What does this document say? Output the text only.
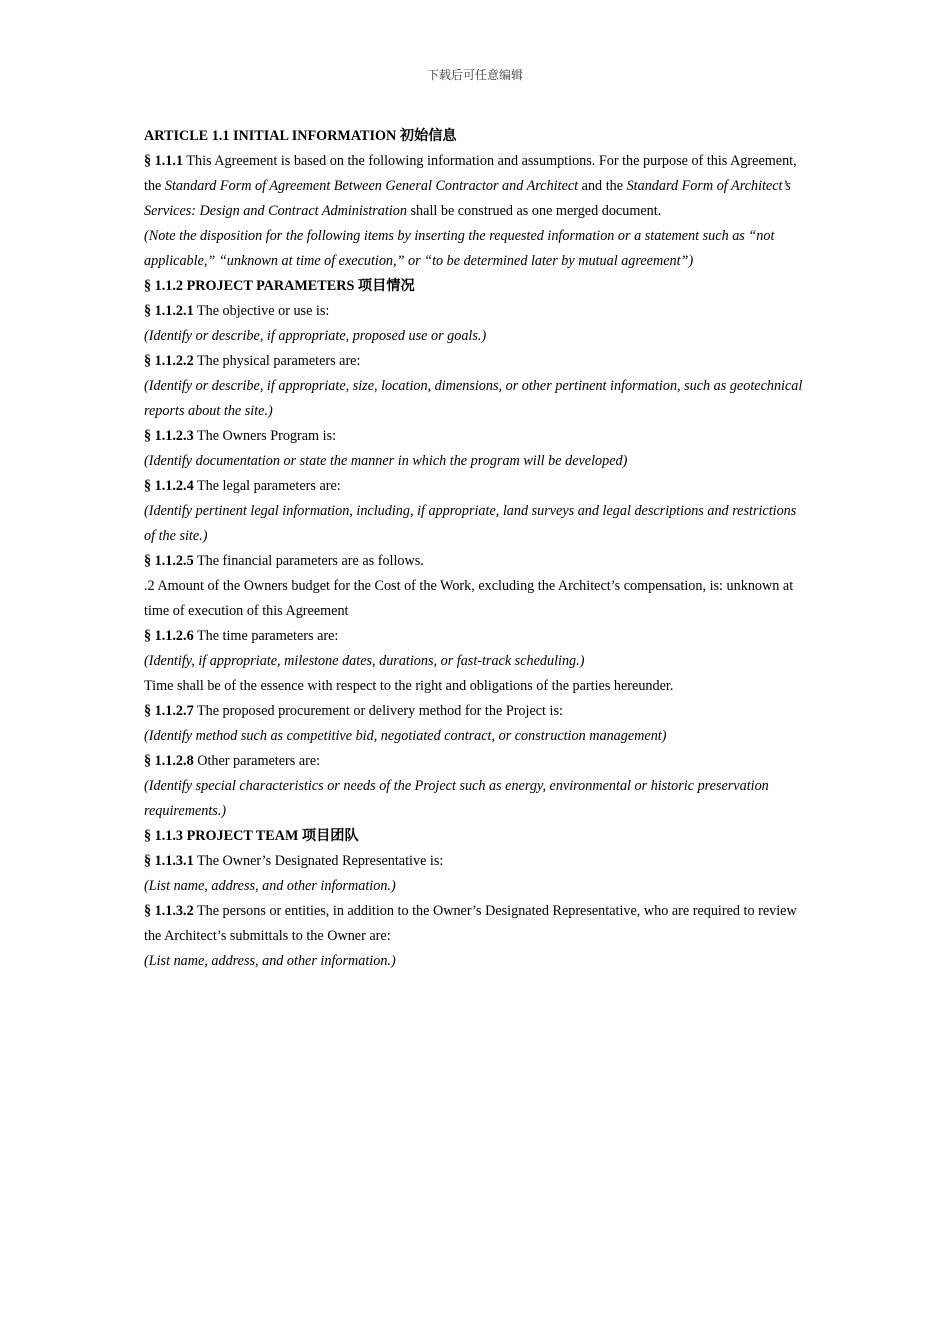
下载后可任意编辑

ARTICLE 1.1 INITIAL INFORMATION 初始信息

§ 1.1.1 This Agreement is based on the following information and assumptions. For the purpose of this Agreement, the Standard Form of Agreement Between General Contractor and Architect and the Standard Form of Architect’s Services: Design and Contract Administration shall be construed as one merged document.

(Note the disposition for the following items by inserting the requested information or a statement such as “not applicable,” “unknown at time of execution,” or “to be determined later by mutual agreement”)

§ 1.1.2 PROJECT PARAMETERS 项目情况

§ 1.1.2.1 The objective or use is:

(Identify or describe, if appropriate, proposed use or goals.)

§ 1.1.2.2 The physical parameters are:

(Identify or describe, if appropriate, size, location, dimensions, or other pertinent information, such as geotechnical reports about the site.)

§ 1.1.2.3 The Owners Program is:

(Identify documentation or state the manner in which the program will be developed)

§ 1.1.2.4 The legal parameters are:

(Identify pertinent legal information, including, if appropriate, land surveys and legal descriptions and restrictions of the site.)

§ 1.1.2.5 The financial parameters are as follows.

.2 Amount of the Owners budget for the Cost of the Work, excluding the Architect’s compensation, is: unknown at time of execution of this Agreement

§ 1.1.2.6 The time parameters are:

(Identify, if appropriate, milestone dates, durations, or fast-track scheduling.)

Time shall be of the essence with respect to the right and obligations of the parties hereunder.

§ 1.1.2.7 The proposed procurement or delivery method for the Project is:

(Identify method such as competitive bid, negotiated contract, or construction management)

§ 1.1.2.8 Other parameters are:

(Identify special characteristics or needs of the Project such as energy, environmental or historic preservation requirements.)

§ 1.1.3 PROJECT TEAM 项目团队

§ 1.1.3.1 The Owner’s Designated Representative is:

(List name, address, and other information.)

§ 1.1.3.2 The persons or entities, in addition to the Owner’s Designated Representative, who are required to review the Architect’s submittals to the Owner are:

(List name, address, and other information.)
